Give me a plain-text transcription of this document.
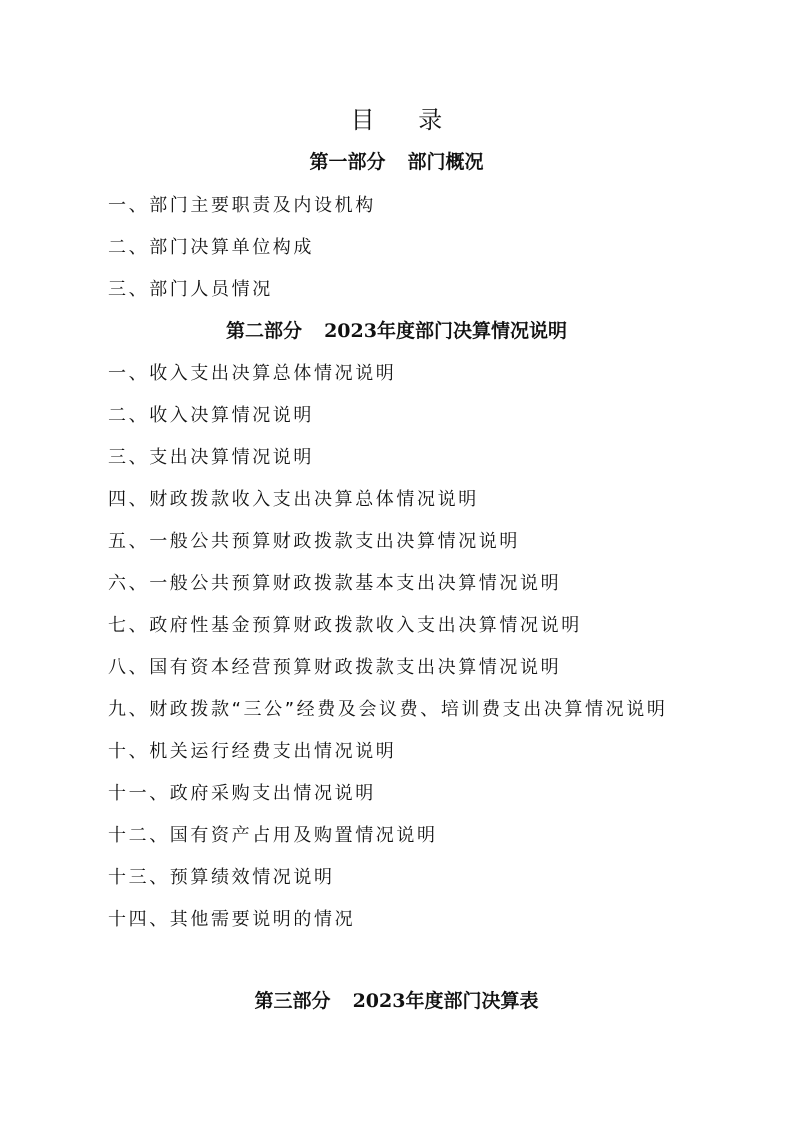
目 录
第一部分 部门概况

一、部门主要职责及内设机构

二、部门决算单位构成

三、部门人员情况

第二部分 2023年度部门决算情况说明

一、收入支出决算总体情况说明

二、收入决算情况说明

三、支出决算情况说明

四、财政拨款收入支出决算总体情况说明

五、一般公共预算财政拨款支出决算情况说明

六、一般公共预算财政拨款基本支出决算情况说明

七、政府性基金预算财政拨款收入支出决算情况说明

八、国有资本经营预算财政拨款支出决算情况说明

九、财政拨款“三公”经费及会议费、培训费支出决算情况说明

十、机关运行经费支出情况说明

十一、政府采购支出情况说明

十二、国有资产占用及购置情况说明

十三、预算绩效情况说明

十四、其他需要说明的情况

第三部分 2023年度部门决算表
